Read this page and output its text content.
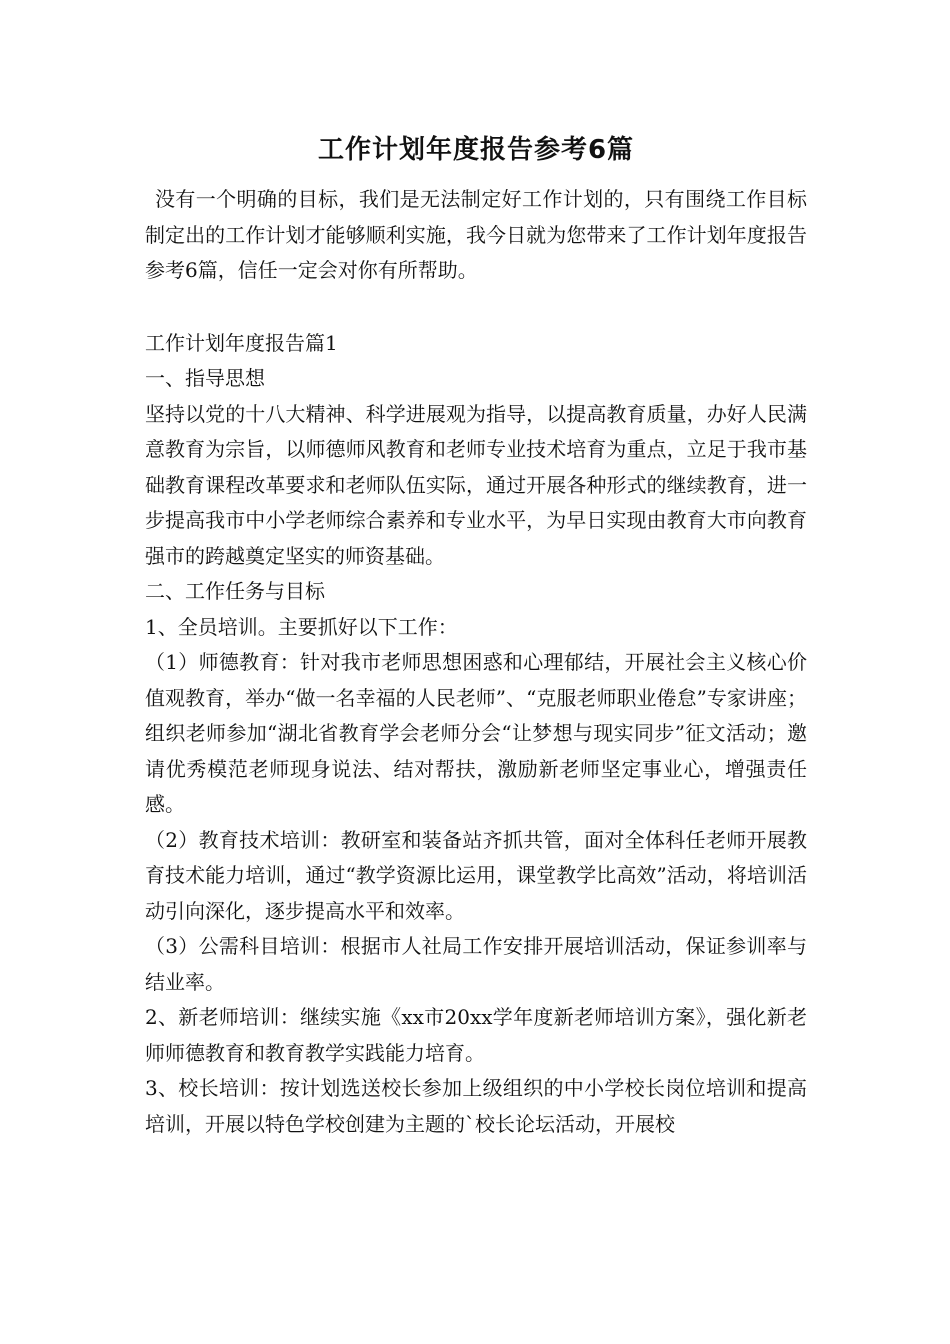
工作计划年度报告参考6篇

没有一个明确的目标，我们是无法制定好工作计划的，只有围绕工作目标制定出的工作计划才能够顺利实施，我今日就为您带来了工作计划年度报告参考6篇，信任一定会对你有所帮助。

工作计划年度报告篇1

一、指导思想

坚持以党的十八大精神、科学进展观为指导，以提高教育质量，办好人民满意教育为宗旨，以师德师风教育和老师专业技术培育为重点，立足于我市基础教育课程改革要求和老师队伍实际，通过开展各种形式的继续教育，进一步提高我市中小学老师综合素养和专业水平，为早日实现由教育大市向教育强市的跨越奠定坚实的师资基础。

二、工作任务与目标

1、全员培训。主要抓好以下工作：

（1）师德教育：针对我市老师思想困惑和心理郁结，开展社会主义核心价值观教育，举办“做一名幸福的人民老师”、“克服老师职业倦怠”专家讲座；组织老师参加“湖北省教育学会老师分会“让梦想与现实同步”征文活动；邀请优秀模范老师现身说法、结对帮扶，激励新老师坚定事业心，增强责任感。

（2）教育技术培训：教研室和装备站齐抓共管，面对全体科任老师开展教育技术能力培训，通过“教学资源比运用，课堂教学比高效”活动，将培训活动引向深化，逐步提高水平和效率。

（3）公需科目培训：根据市人社局工作安排开展培训活动，保证参训率与结业率。

2、新老师培训：继续实施《xx市20xx学年度新老师培训方案》，强化新老师师德教育和教育教学实践能力培育。

3、校长培训：按计划选送校长参加上级组织的中小学校长岗位培训和提高培训，开展以特色学校创建为主题的`校长论坛活动，开展校
